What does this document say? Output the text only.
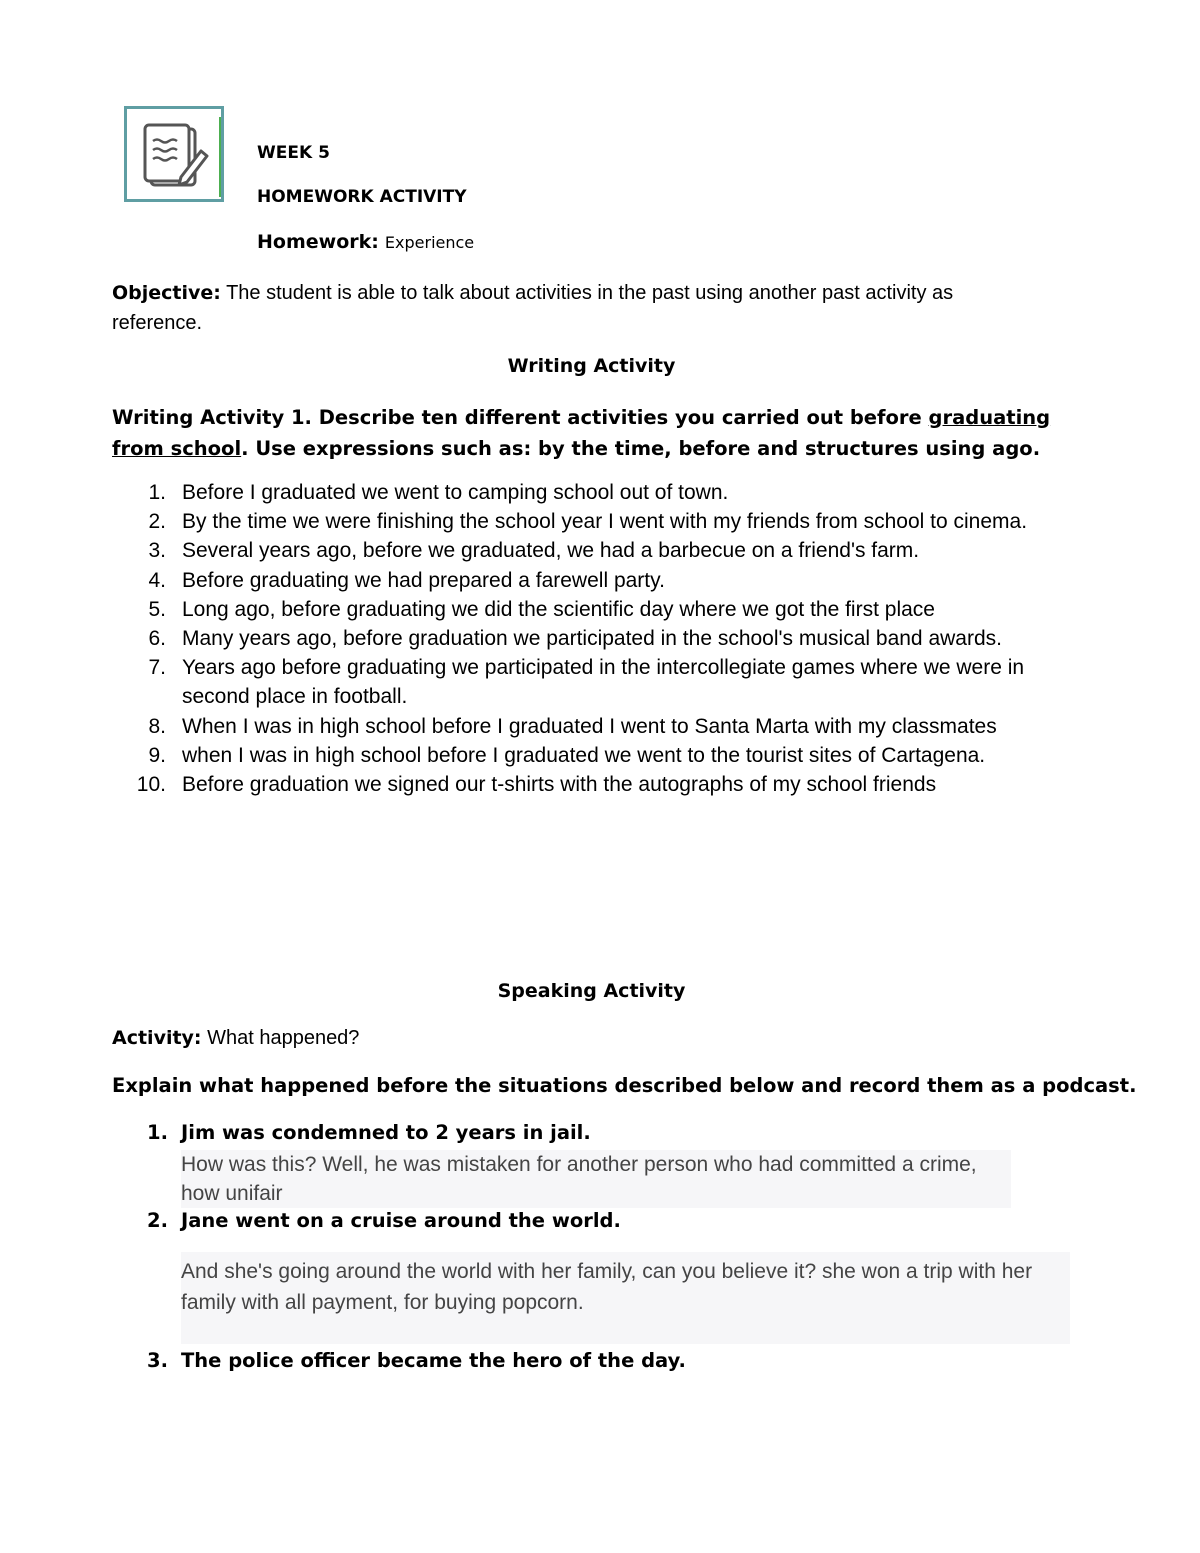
WEEK 5
HOMEWORK ACTIVITY
Homework: Experience
Objective: The student is able to talk about activities in the past using another past activity as reference.
Writing Activity
Writing Activity 1. Describe ten different activities you carried out before graduating from school. Use expressions such as: by the time, before and structures using ago.
1. Before I graduated we went to camping school out of town.
2. By the time we were finishing the school year I went with my friends from school to cinema.
3. Several years ago, before we graduated, we had a barbecue on a friend's farm.
4. Before graduating we had prepared a farewell party.
5. Long ago, before graduating we did the scientific day where we got the first place
6. Many years ago, before graduation we participated in the school's musical band awards.
7. Years ago before graduating we participated in the intercollegiate games where we were in second place in football.
8. When I was in high school before I graduated I went to Santa Marta with my classmates
9. when I was in high school before I graduated we went to the tourist sites of Cartagena.
10. Before graduation we signed our t-shirts with the autographs of my school friends
Speaking Activity
Activity: What happened?
Explain what happened before the situations described below and record them as a podcast.
1. Jim was condemned to 2 years in jail.
How was this? Well, he was mistaken for another person who had committed a crime, how unifair
2. Jane went on a cruise around the world.
And she's going around the world with her family, can you believe it? she won a trip with her family with all payment, for buying popcorn.
3. The police officer became the hero of the day.
